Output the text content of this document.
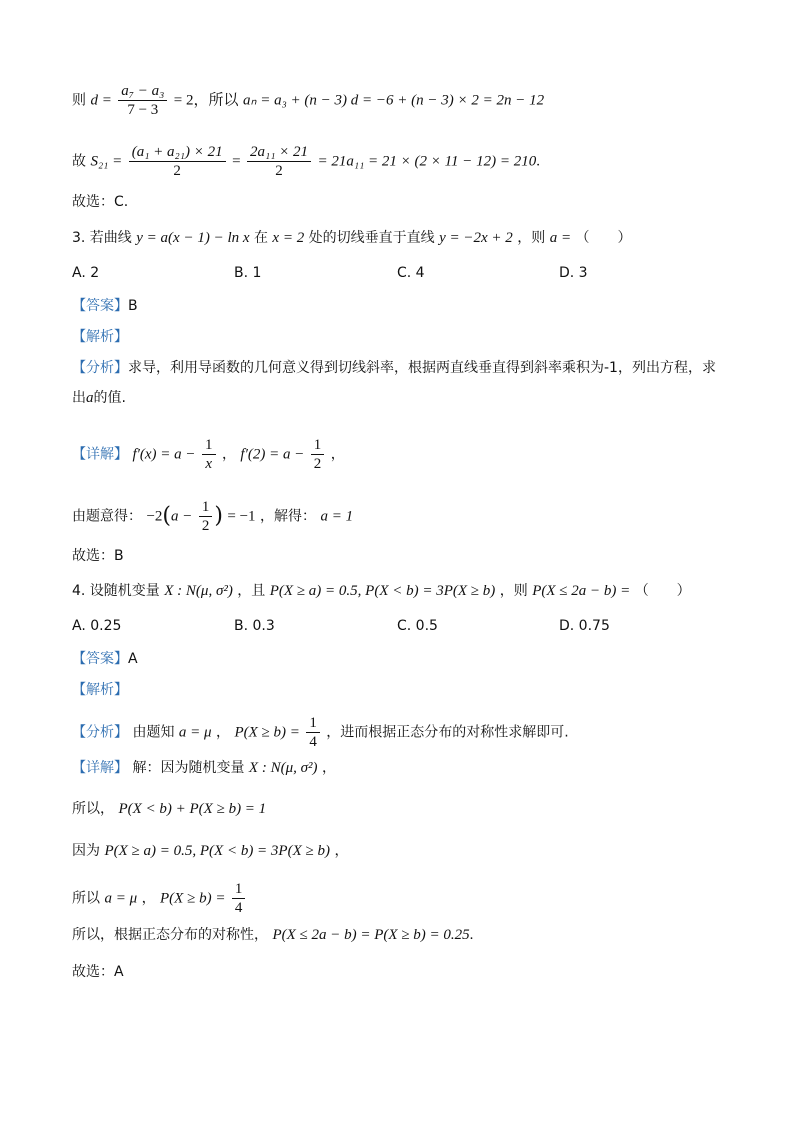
则 $d = \frac{\text{a₇ − a₃}}{7 - 3} = 2$，所以 aₙ = a₃ + (n − 3) d = −6 + (n − 3) × 2 = 2n − 12
故 $S_{21} = \frac{\text{(a₁ + a₂₁) × 21}}{2} = \frac{\text{2a₁₁ × 21}}{2} = 21a_{11} = 21 \times (2 \times 11 - 12) = 210$.
故选：C.
3. 若曲线 y = a(x − 1) − ln x 在 x = 2 处的切线垂直于直线 y = −2x + 2 ，则 a = （　　）
A. 2	B. 1	C. 4	D. 3
【答案】B
【解析】
【分析】求导，利用导函数的几何意义得到切线斜率，根据两直线垂直得到斜率乘积为-1，列出方程，求
出a的值.
【详解】 $f'(x) = a - \frac{1}{x}$ ， $f'(2) = a - \frac{1}{2}$ ，
由题意得： $-2(a - \frac{1}{2}$ ) = −1 ，解得： a = 1
故选：B
4. 设随机变量 X : N(μ, σ²) ，且 P(X ≥ a) = 0.5, P(X < b) = 3P(X ≥ b) ，则 P(X ≤ 2a − b) = （　　）
A. 0.25	B. 0.3	C. 0.5	D. 0.75
【答案】A
【解析】
【分析】 由题知 a = μ ， $P(X \ge b) = \frac{1}{4}$ ，进而根据正态分布的对称性求解即可.
【详解】 解：因为随机变量 X : N(μ, σ²) ，
所以， P(X < b) + P(X ≥ b) = 1
因为 P(X ≥ a) = 0.5, P(X < b) = 3P(X ≥ b) ，
所以 a = μ ， $P(X \ge b) = \frac{1}{4}$
所以，根据正态分布的对称性， P(X ≤ 2a − b) = P(X ≥ b) = 0.25.
故选：A
